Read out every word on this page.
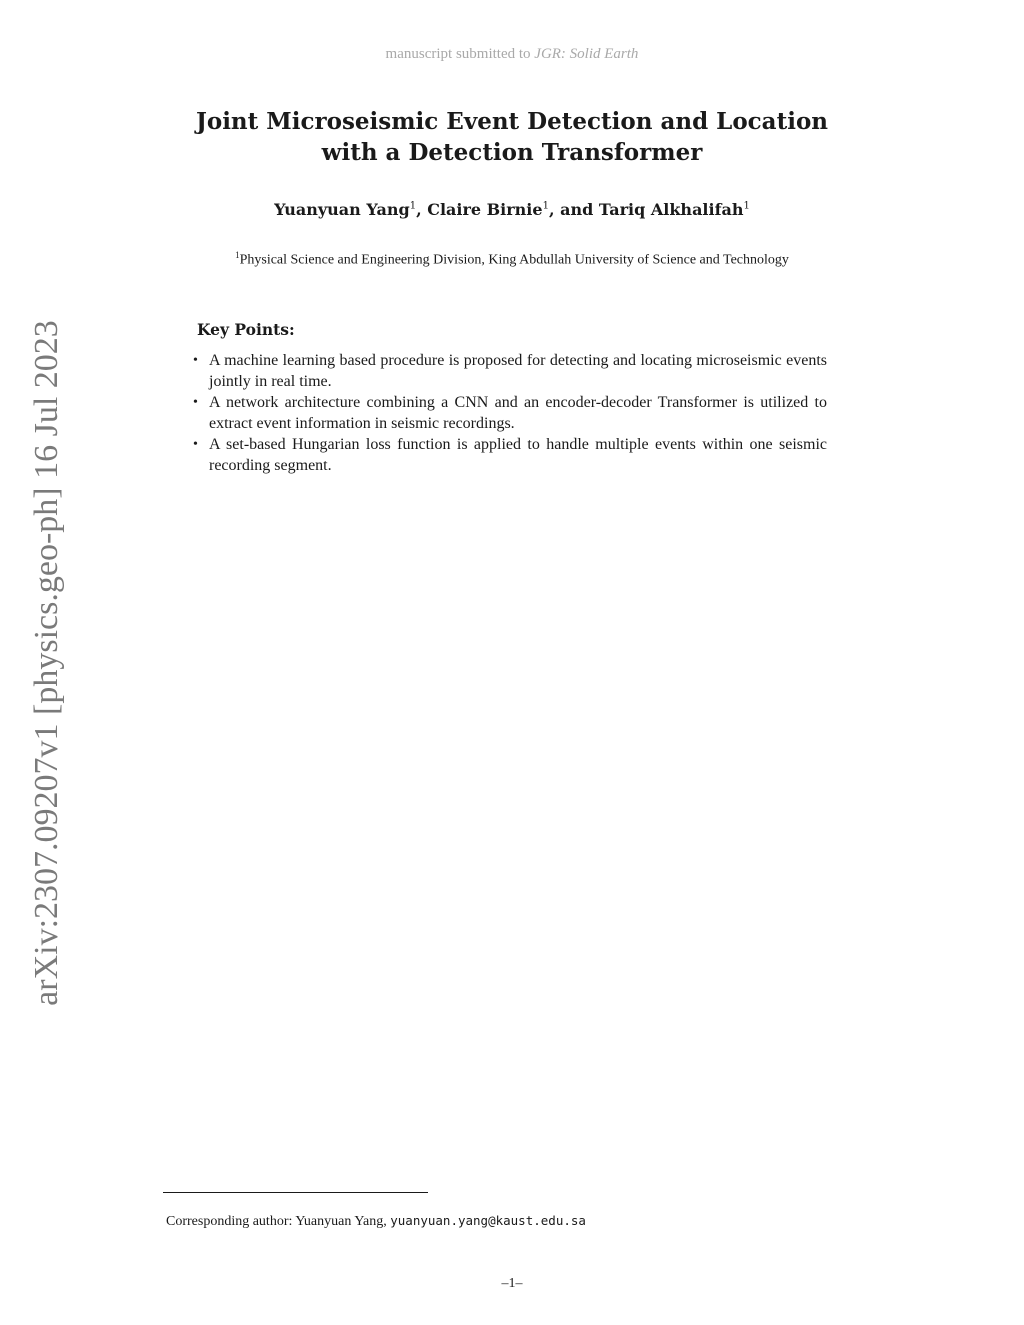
manuscript submitted to JGR: Solid Earth
arXiv:2307.09207v1 [physics.geo-ph] 16 Jul 2023
Joint Microseismic Event Detection and Location
with a Detection Transformer
Yuanyuan Yang$^1$, Claire Birnie$^1$, and Tariq Alkhalifah$^1$
$^1$Physical Science and Engineering Division, King Abdullah University of Science and Technology
Key Points:
• A machine learning based procedure is proposed for detecting and locating microseismic events jointly in real time.
• A network architecture combining a CNN and an encoder-decoder Transformer is utilized to extract event information in seismic recordings.
• A set-based Hungarian loss function is applied to handle multiple events within one seismic recording segment.
Corresponding author: Yuanyuan Yang, yuanyuan.yang@kaust.edu.sa
–1–
